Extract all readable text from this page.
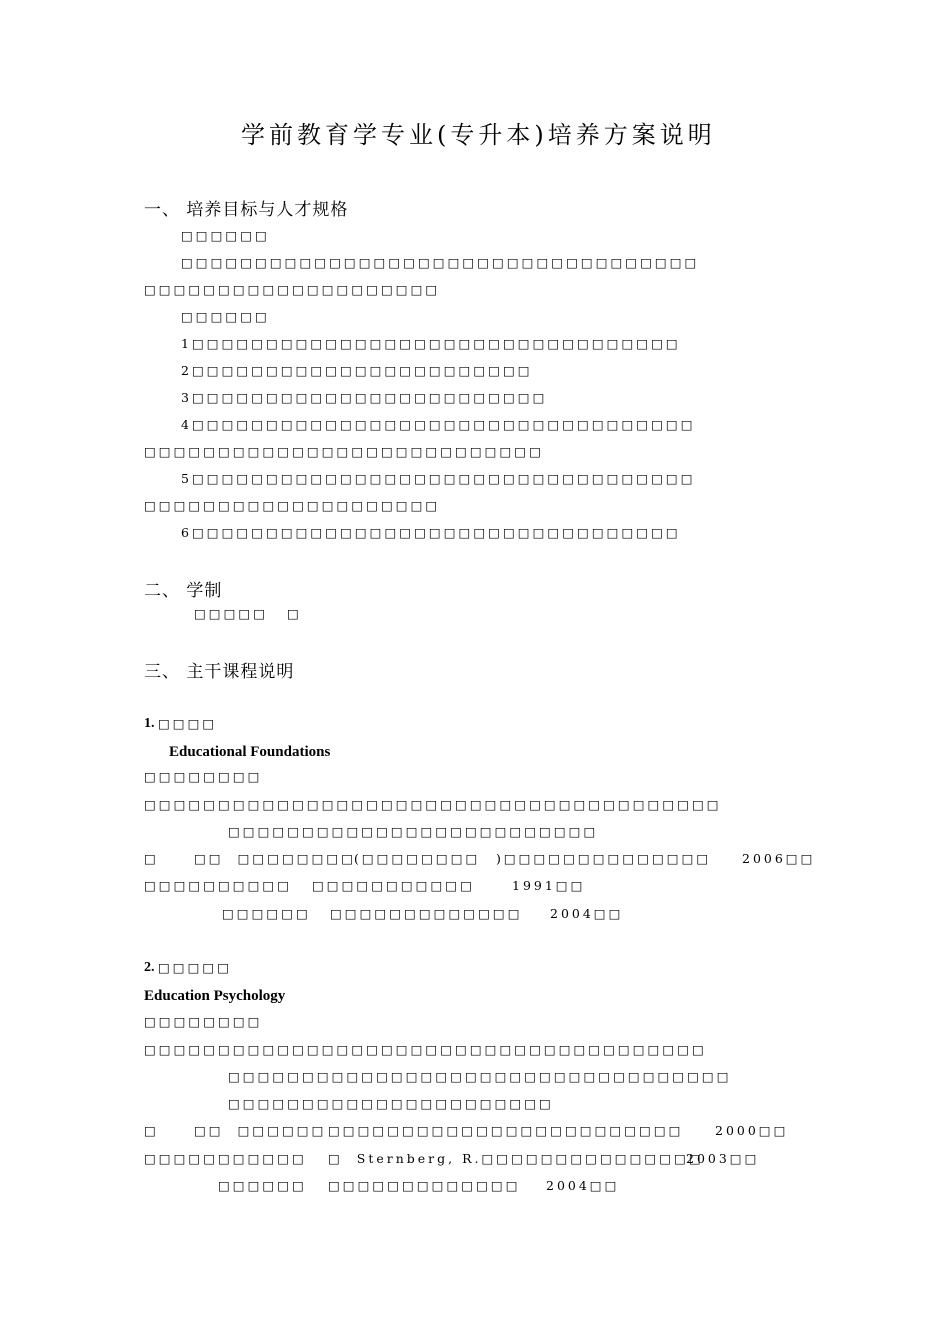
学前教育学专业(专升本)培养方案说明
一、 培养目标与人才规格
□□□□□□
□□□□□□□□□□□□□□□□□□□□□□□□□□□□□□□□□□□
□□□□□□□□□□□□□□□□□□□□
□□□□□□
1□□□□□□□□□□□□□□□□□□□□□□□□□□□□□□□□□
2□□□□□□□□□□□□□□□□□□□□□□□
3□□□□□□□□□□□□□□□□□□□□□□□□
4□□□□□□□□□□□□□□□□□□□□□□□□□□□□□□□□□□
□□□□□□□□□□□□□□□□□□□□□□□□□□□
5□□□□□□□□□□□□□□□□□□□□□□□□□□□□□□□□□□
□□□□□□□□□□□□□□□□□□□□
6□□□□□□□□□□□□□□□□□□□□□□□□□□□□□□□□□
二、 学制
□□□□□ □
三、 主干课程说明
1. □□□□
Educational Foundations
□□□□□□□□
□□□□□□□□□□□□□□□□□□□□□□□□□□□□□□□□□□□□□□□
□□□□□□□□□□□□□□□□□□□□□□□□□
□	□□  □□□□□□□□
(□□□□□□□□ )□□□□□□□□□□□□□□ 2006□□
□□□□□ □□□□□ □□□□□□□□□□□	1991□□
□□□□□□ □□□□□□□□□□□□□ 2004□□
2. □□□□□
Education Psychology
□□□□□□□□
□□□□□□□□□□□□□□□□□□□□□□□□□□□□□□□□□□□□□□
□□□□□□□□□□□□□□□□□□□□□□□□□□□□□□□□□□
□□□□□□□□□□□□□□□□□□□□□□
□	□□  □□□□□□ □□□□□□□□□□□□□□□□□□□□□□□□	2000□□
□□□□□ □□□□□□ □  Sternberg, R.□□□□□□□□□□□□□□□
2003□□
□□□□□□ □□□□□□□□□□□□□ 2004□□
